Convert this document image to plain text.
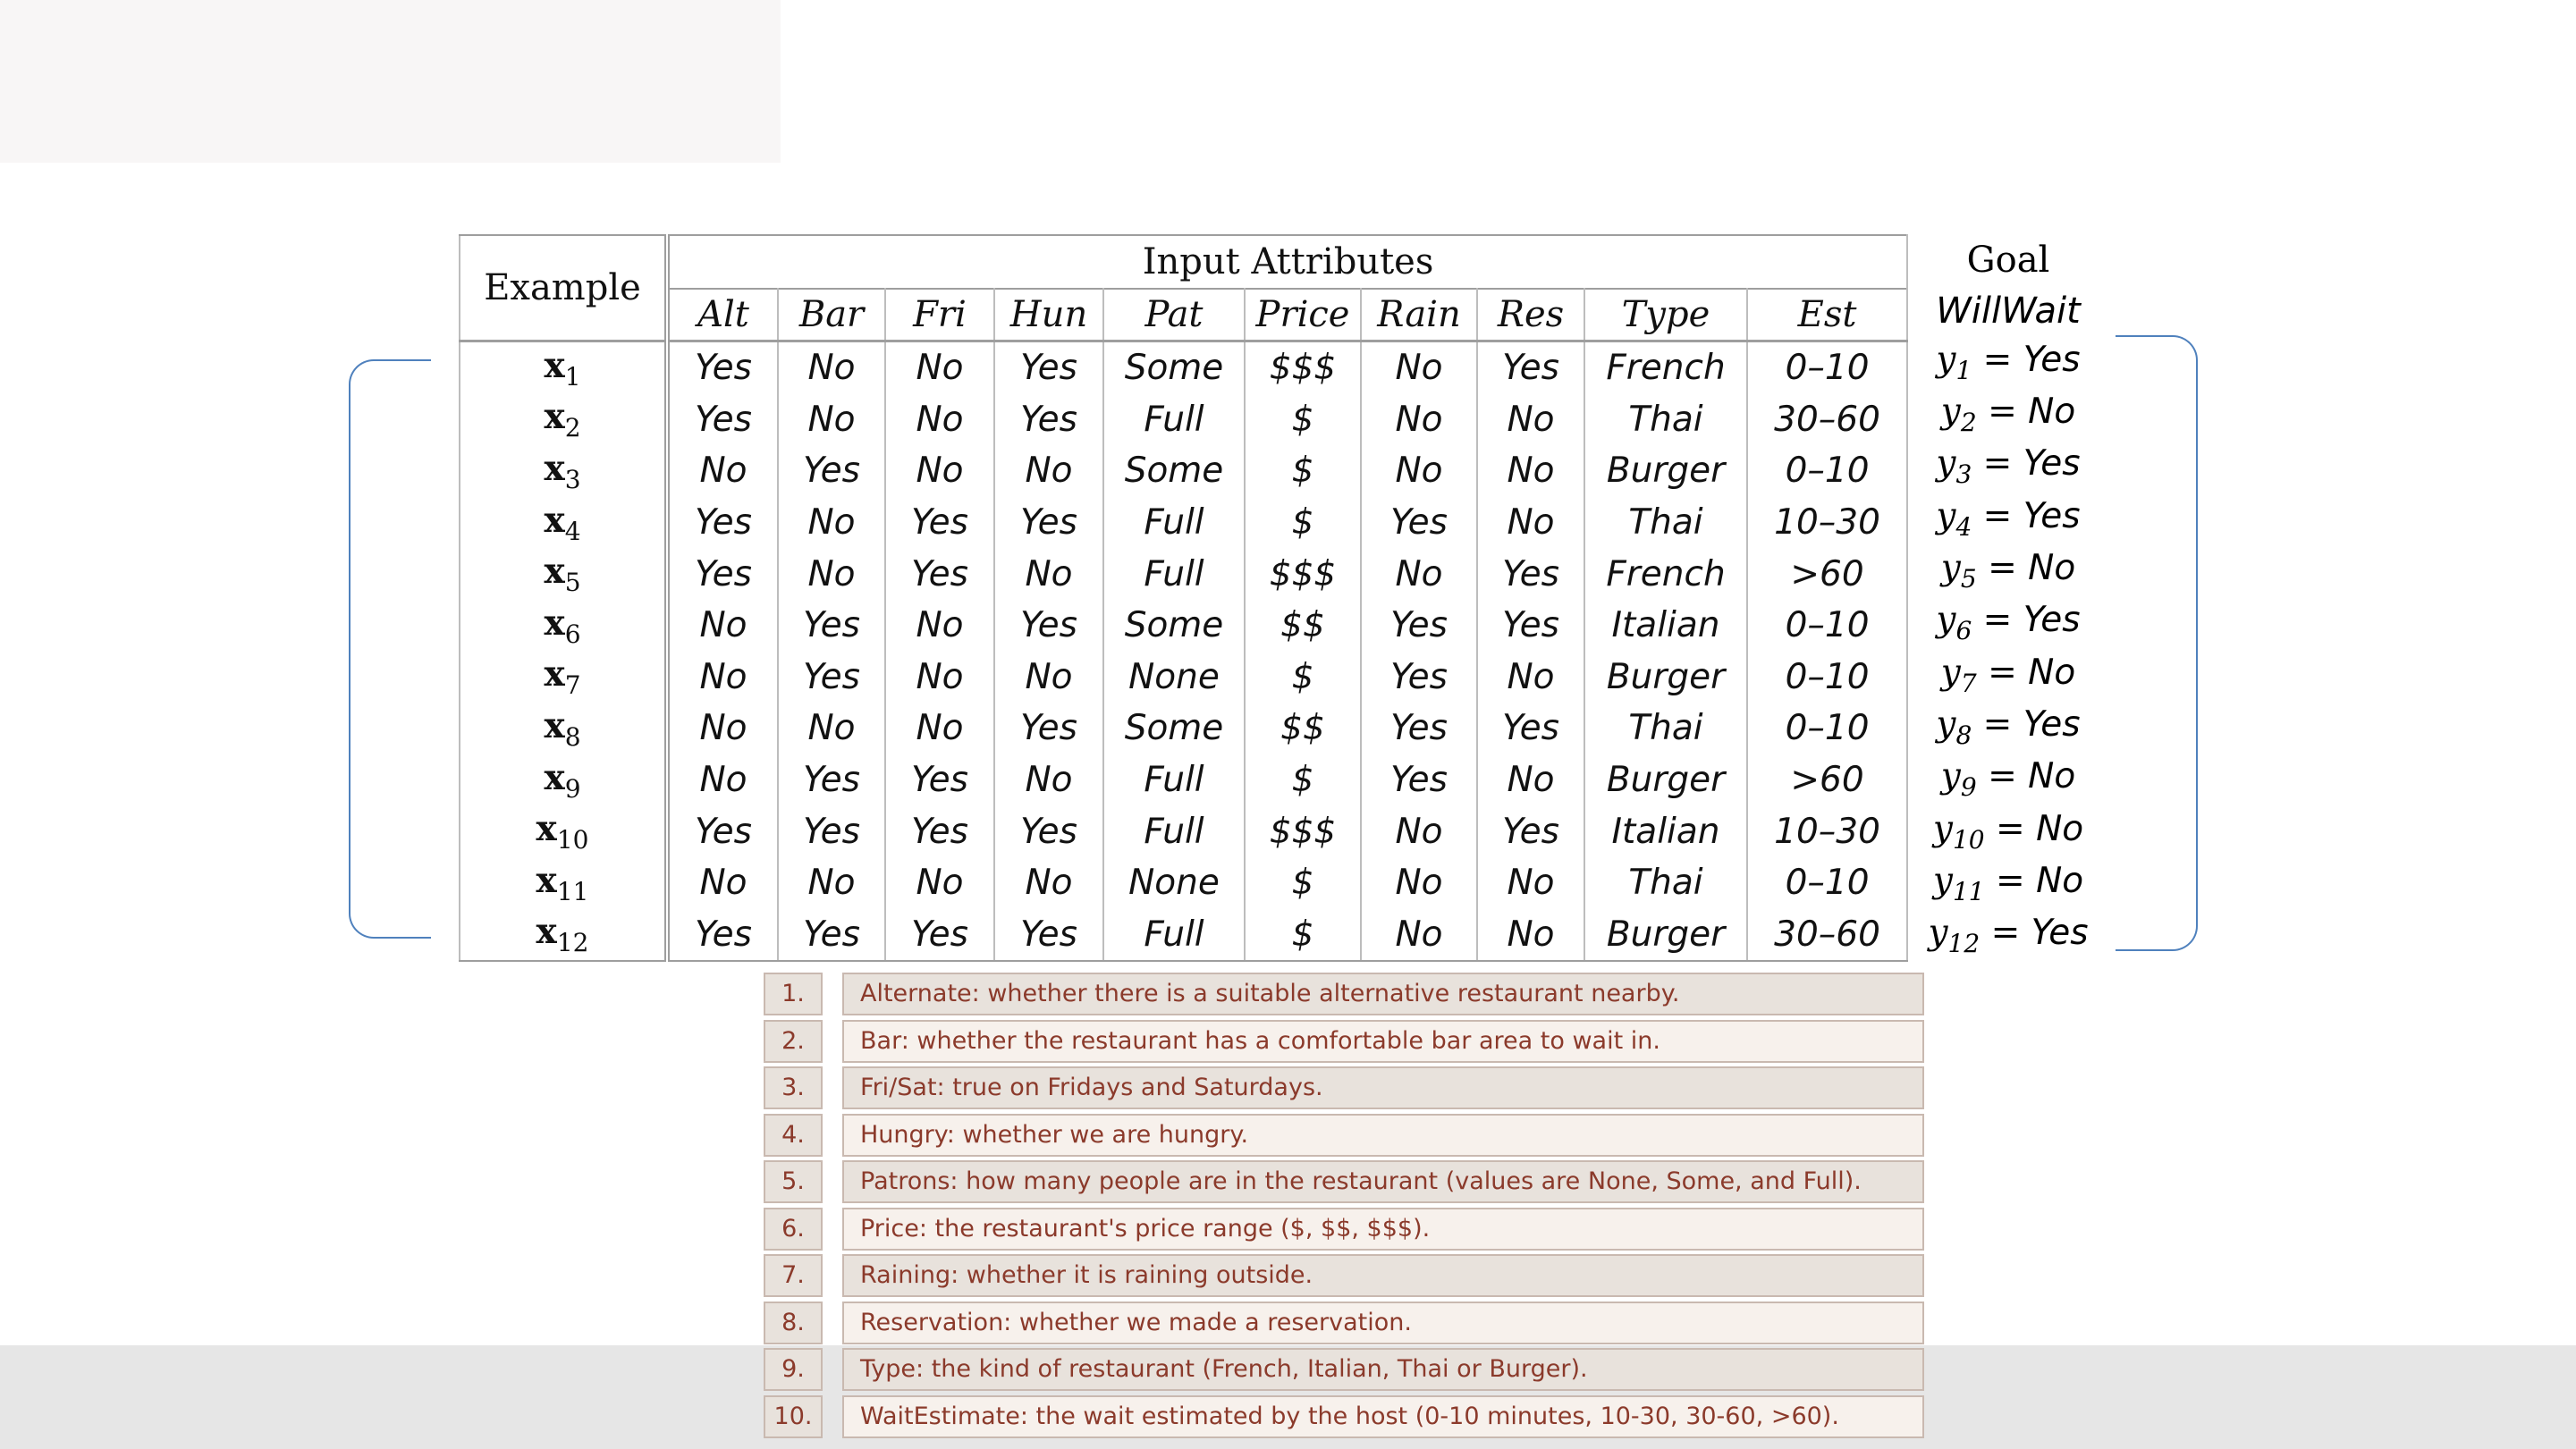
Example	Input Attributes									
	Alt	Bar	Fri	Hun	Pat	Price	Rain	Res	Type	Est
$x_1$	Yes	No	No	Yes	Some	$$$	No	Yes	French	0–10
$x_2$	Yes	No	No	Yes	Full	$	No	No	Thai	30–60
$x_3$	No	Yes	No	No	Some	$	No	No	Burger	0–10
$x_4$	Yes	No	Yes	Yes	Full	$	Yes	No	Thai	10–30
$x_5$	Yes	No	Yes	No	Full	$$$	No	Yes	French	>60
$x_6$	No	Yes	No	Yes	Some	$$	Yes	Yes	Italian	0–10
$x_7$	No	Yes	No	No	None	$	Yes	No	Burger	0–10
$x_8$	No	No	No	Yes	Some	$$	Yes	Yes	Thai	0–10
$x_9$	No	Yes	Yes	No	Full	$	Yes	No	Burger	>60
$x_{10}$	Yes	Yes	Yes	Yes	Full	$$$	No	Yes	Italian	10–30
$x_{11}$	No	No	No	No	None	$	No	No	Thai	0–10
$x_{12}$	Yes	Yes	Yes	Yes	Full	$	No	No	Burger	30–60
Goal
WillWait
$y_1$ = Yes
$y_2 = No$
$y_3$ = Yes
$y_4$ = Yes
$y_5 = No$
$y_6$ = Yes
$y_7 = No$
$y_8$ = Yes
$y_9 = No$
$y_{10} = No$
$y_{11} = No$
$y_{12}$ = Yes
1.	Alternate: whether there is a suitable alternative restaurant nearby.
2.	Bar: whether the restaurant has a comfortable bar area to wait in.
3.	Fri/Sat: true on Fridays and Saturdays.
4.	Hungry: whether we are hungry.
5.	Patrons: how many people are in the restaurant (values are None, Some, and Full).
6.	Price: the restaurant's price range ($, $$, $$$).
7.	Raining: whether it is raining outside.
8.	Reservation: whether we made a reservation.
9.	Type: the kind of restaurant (French, Italian, Thai or Burger).
10.	WaitEstimate: the wait estimated by the host (0-10 minutes, 10-30, 30-60, >60).
